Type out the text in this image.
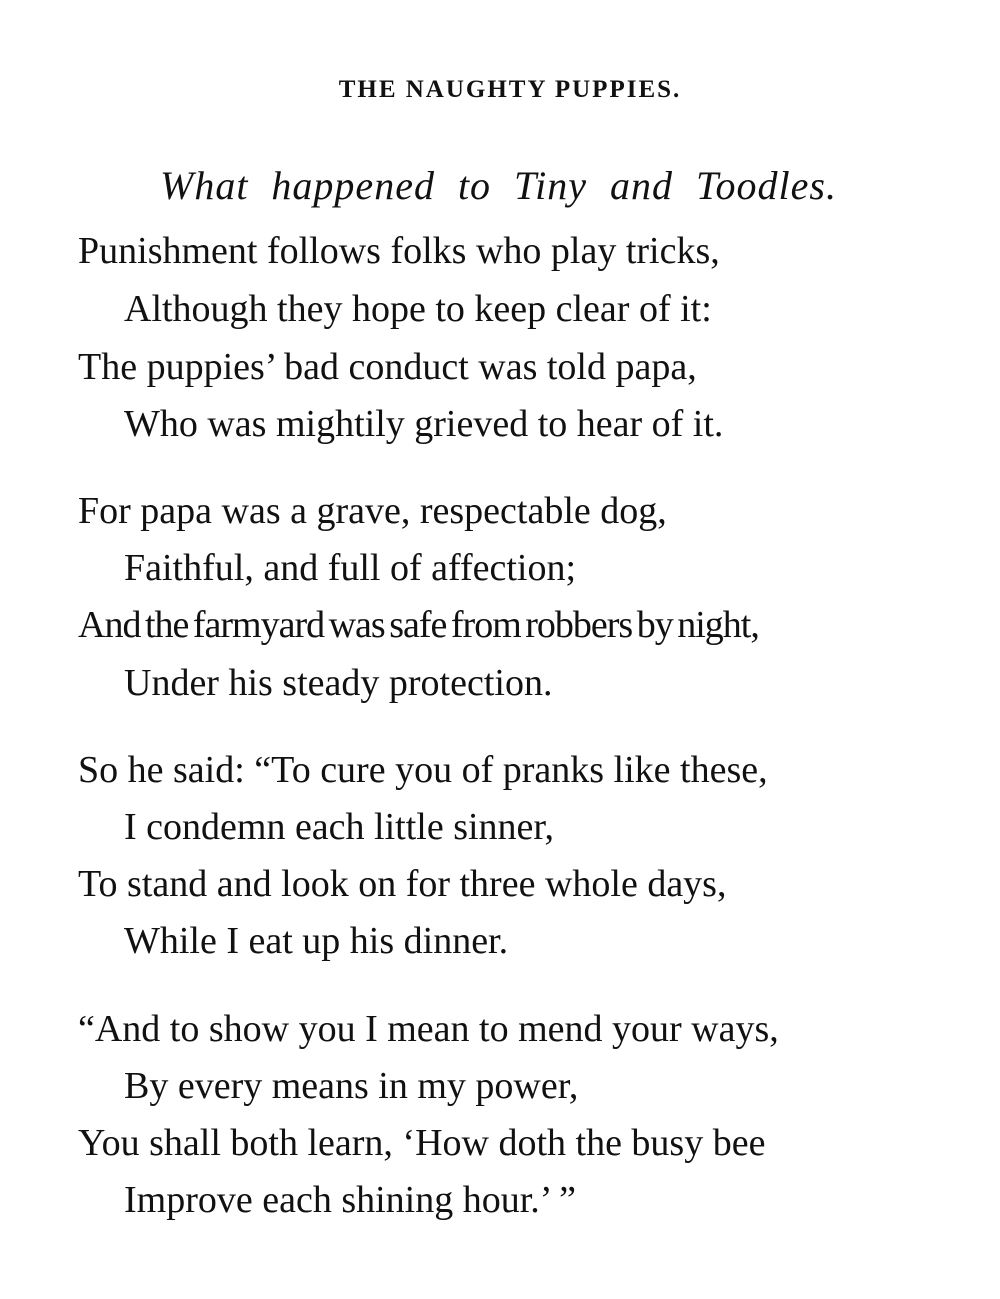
THE NAUGHTY PUPPIES.
What happened to Tiny and Toodles.
Punishment follows folks who play tricks,
Although they hope to keep clear of it:
The puppies’ bad conduct was told papa,
Who was mightily grieved to hear of it.
For papa was a grave, respectable dog,
Faithful, and full of affection;
And the farmyard was safe from robbers by night,
Under his steady protection.
So he said: “To cure you of pranks like these,
I condemn each little sinner,
To stand and look on for three whole days,
While I eat up his dinner.
“And to show you I mean to mend your ways,
By every means in my power,
You shall both learn, ‘How doth the busy bee
Improve each shining hour.’ ”
